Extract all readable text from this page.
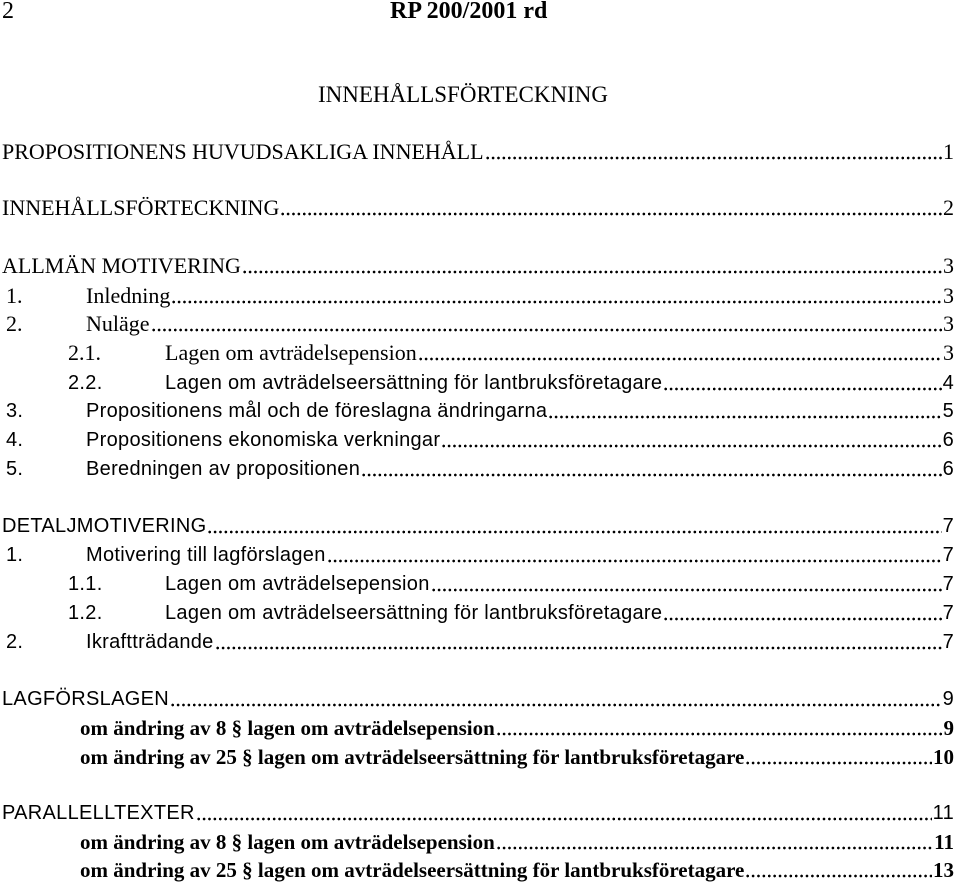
2	RP 200/2001 rd
INNEHÅLLSFÖRTECKNING
PROPOSITIONENS HUVUDSAKLIGA INNEHÅLL	1
INNEHÅLLSFÖRTECKNING	2
ALLMÄN MOTIVERING	3
1.	Inledning	3
2.	Nuläge	3
2.1.	Lagen om avträdelsepension	3
2.2.	Lagen om avträdelseersättning för lantbruksföretagare	4
3.	Propositionens mål och de föreslagna ändringarna	5
4.	Propositionens ekonomiska verkningar	6
5.	Beredningen av propositionen	6
DETALJMOTIVERING	7
1.	Motivering till lagförslagen	7
1.1.	Lagen om avträdelsepension	7
1.2.	Lagen om avträdelseersättning för lantbruksföretagare	7
2.	Ikraftträdande	7
LAGFÖRSLAGEN	9
om ändring av 8 § lagen om avträdelsepension	9
om ändring av 25 § lagen om avträdelseersättning för lantbruksföretagare	10
PARALLELLTEXTER	11
om ändring av 8 § lagen om avträdelsepension	11
om ändring av 25 § lagen om avträdelseersättning för lantbruksföretagare	13
